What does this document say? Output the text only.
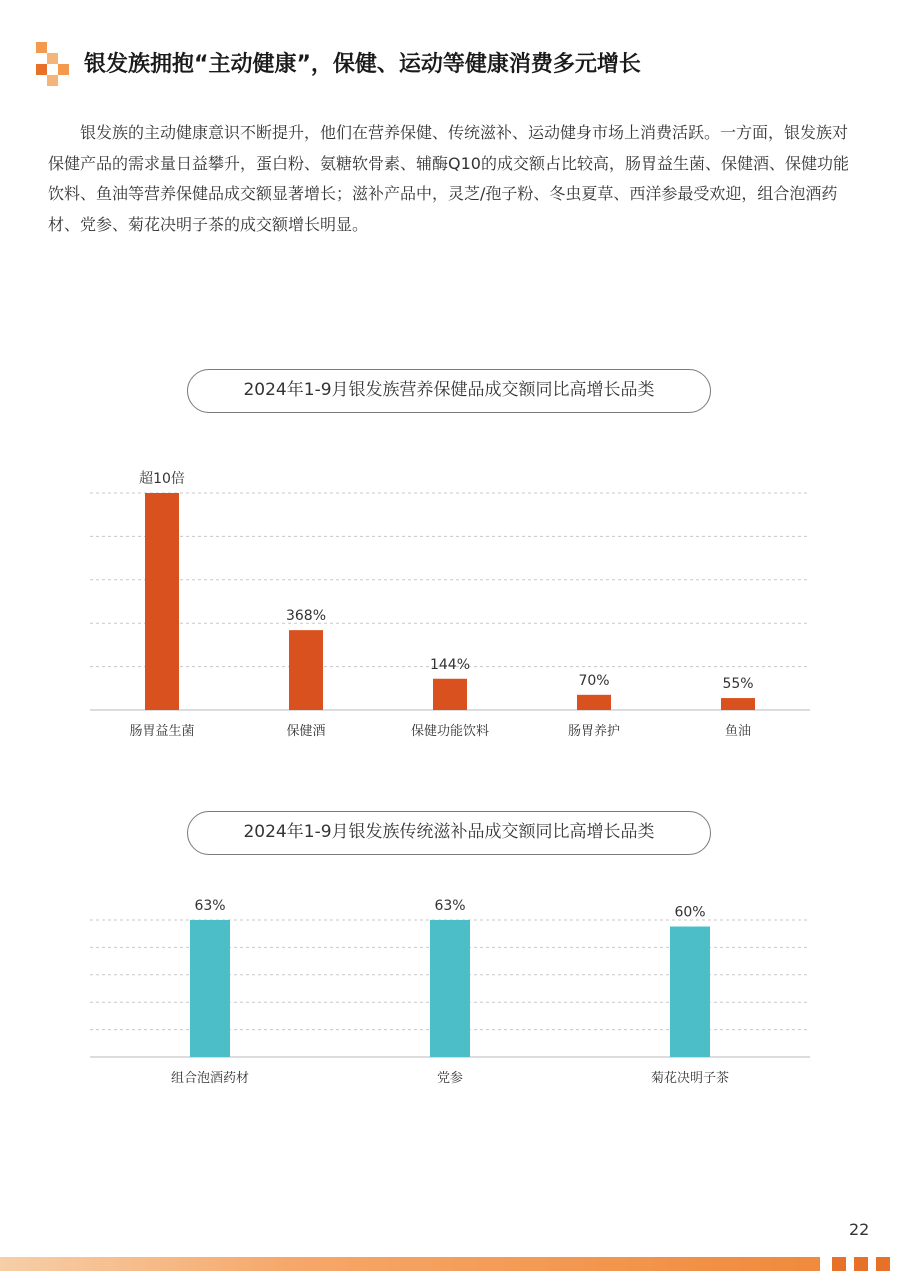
银发族拥抱“主动健康”，保健、运动等健康消费多元增长

银发族的主动健康意识不断提升，他们在营养保健、传统滋补、运动健身市场上消费活跃。一方面，银发族对保健产品的需求量日益攀升，蛋白粉、氨糖软骨素、辅酶Q10的成交额占比较高，肠胃益生菌、保健酒、保健功能饮料、鱼油等营养保健品成交额显著增长；滋补产品中，灵芝/孢子粉、冬虫夏草、西洋参最受欢迎，组合泡酒药材、党参、菊花决明子茶的成交额增长明显。

2024年1-9月银发族营养保健品成交额同比高增长品类
超10倍
肠胃益生菌
368%
保健酒
144%
保健功能饮料
70%
肠胃养护
55%
鱼油
2024年1-9月银发族传统滋补品成交额同比高增长品类
63%
组合泡酒药材
63%
党参
60%
菊花决明子茶
22
